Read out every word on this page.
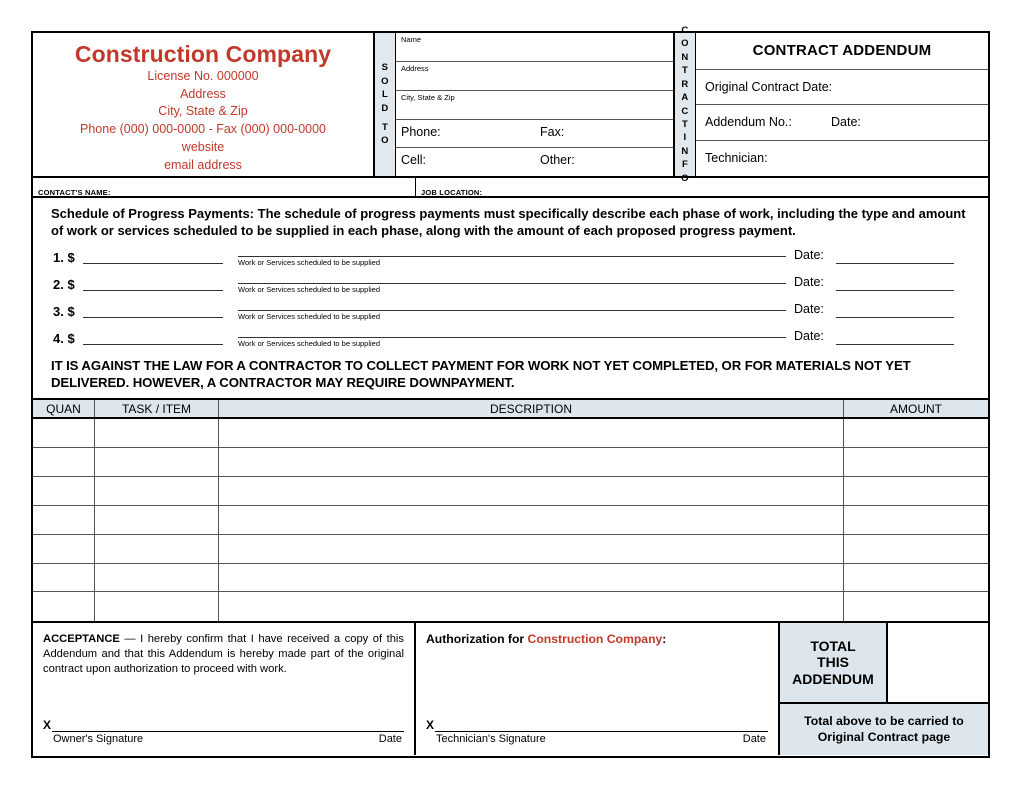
Construction Company
License No. 000000
Address
City, State & Zip
Phone (000) 000-0000 - Fax (000) 000-0000
website
email address
S
O
L
D
T
O
Name
Address
City, State & Zip
Phone:	Fax:
Cell:	Other:
C
O
N
T
R
A
C
T
I
N
F
O
CONTRACT ADDENDUM
Original Contract Date:
Addendum No.:	Date:
Technician:
CONTACT'S NAME:	JOB LOCATION:
Schedule of Progress Payments: The schedule of progress payments must specifically describe each phase of work, including the type and amount of work or services scheduled to be supplied in each phase, along with the amount of each proposed progress payment.
1. $	Work or Services scheduled to be supplied
Date:
2. $	Work or Services scheduled to be supplied
Date:
3. $	Work or Services scheduled to be supplied
Date:
4. $	Work or Services scheduled to be supplied
Date:
IT IS AGAINST THE LAW FOR A CONTRACTOR TO COLLECT PAYMENT FOR WORK NOT YET COMPLETED, OR FOR MATERIALS NOT YET DELIVERED. HOWEVER, A CONTRACTOR MAY REQUIRE DOWNPAYMENT.
QUAN	TASK / ITEM	DESCRIPTION	AMOUNT
ACCEPTANCE — I hereby confirm that I have received a copy of this Addendum and that this Addendum is hereby made part of the original contract upon authorization to proceed with work.
X
Owner's Signature	Date
Authorization for Construction Company:
X
Technician's Signature	Date
TOTAL
THIS
ADDENDUM
Total above to be carried to
Original Contract page
